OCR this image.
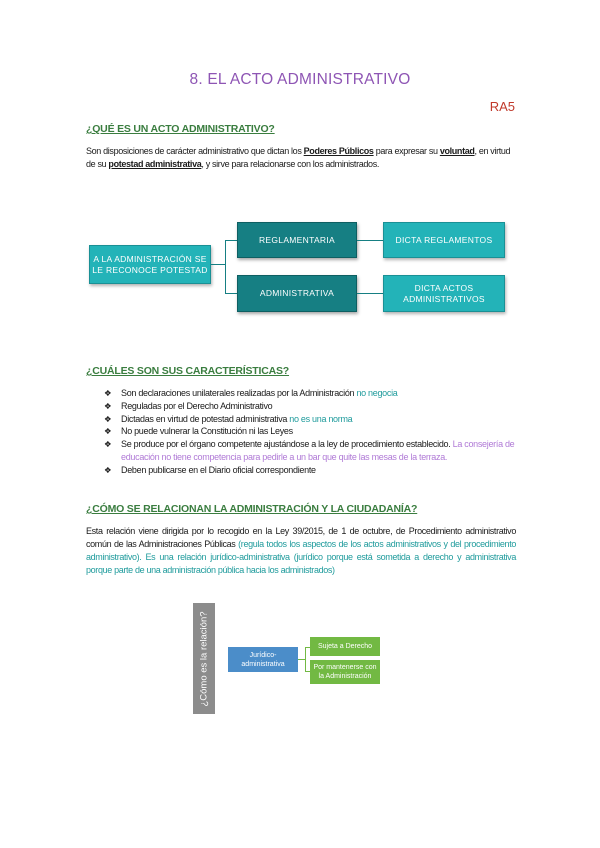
8. EL ACTO ADMINISTRATIVO
RA5
¿QUÉ ES UN ACTO ADMINISTRATIVO?

Son disposiciones de carácter administrativo que dictan los Poderes Públicos para expresar su voluntad, en virtud de su potestad administrativa, y sirve para relacionarse con los administrados.

A LA ADMINISTRACIÓN SE LE RECONOCE POTESTAD
REGLAMENTARIA
ADMINISTRATIVA
DICTA REGLAMENTOS
DICTA ACTOS ADMINISTRATIVOS
¿CUÁLES SON SUS CARACTERÍSTICAS?
❖ Son declaraciones unilaterales realizadas por la Administración no negocia
❖ Reguladas por el Derecho Administrativo
❖ Dictadas en virtud de potestad administrativa no es una norma
❖ No puede vulnerar la Constitución ni las Leyes
❖ Se produce por el órgano competente ajustándose a la ley de procedimiento establecido. La consejería de educación no tiene competencia para pedirle a un bar que quite las mesas de la terraza.
❖ Deben publicarse en el Diario oficial correspondiente
¿CÓMO SE RELACIONAN LA ADMINISTRACIÓN Y LA CIUDADANÍA?

Esta relación viene dirigida por lo recogido en la Ley 39/2015, de 1 de octubre, de Procedimiento administrativo común de las Administraciones Públicas (regula todos los aspectos de los actos administrativos y del procedimiento administrativo). Es una relación jurídico-administrativa (jurídico porque está sometida a derecho y administrativa porque parte de una administración pública hacia los administrados)

¿Cómo es la relación?	Jurídico-administrativa
Sujeta a Derecho
Por mantenerse con la Administración
